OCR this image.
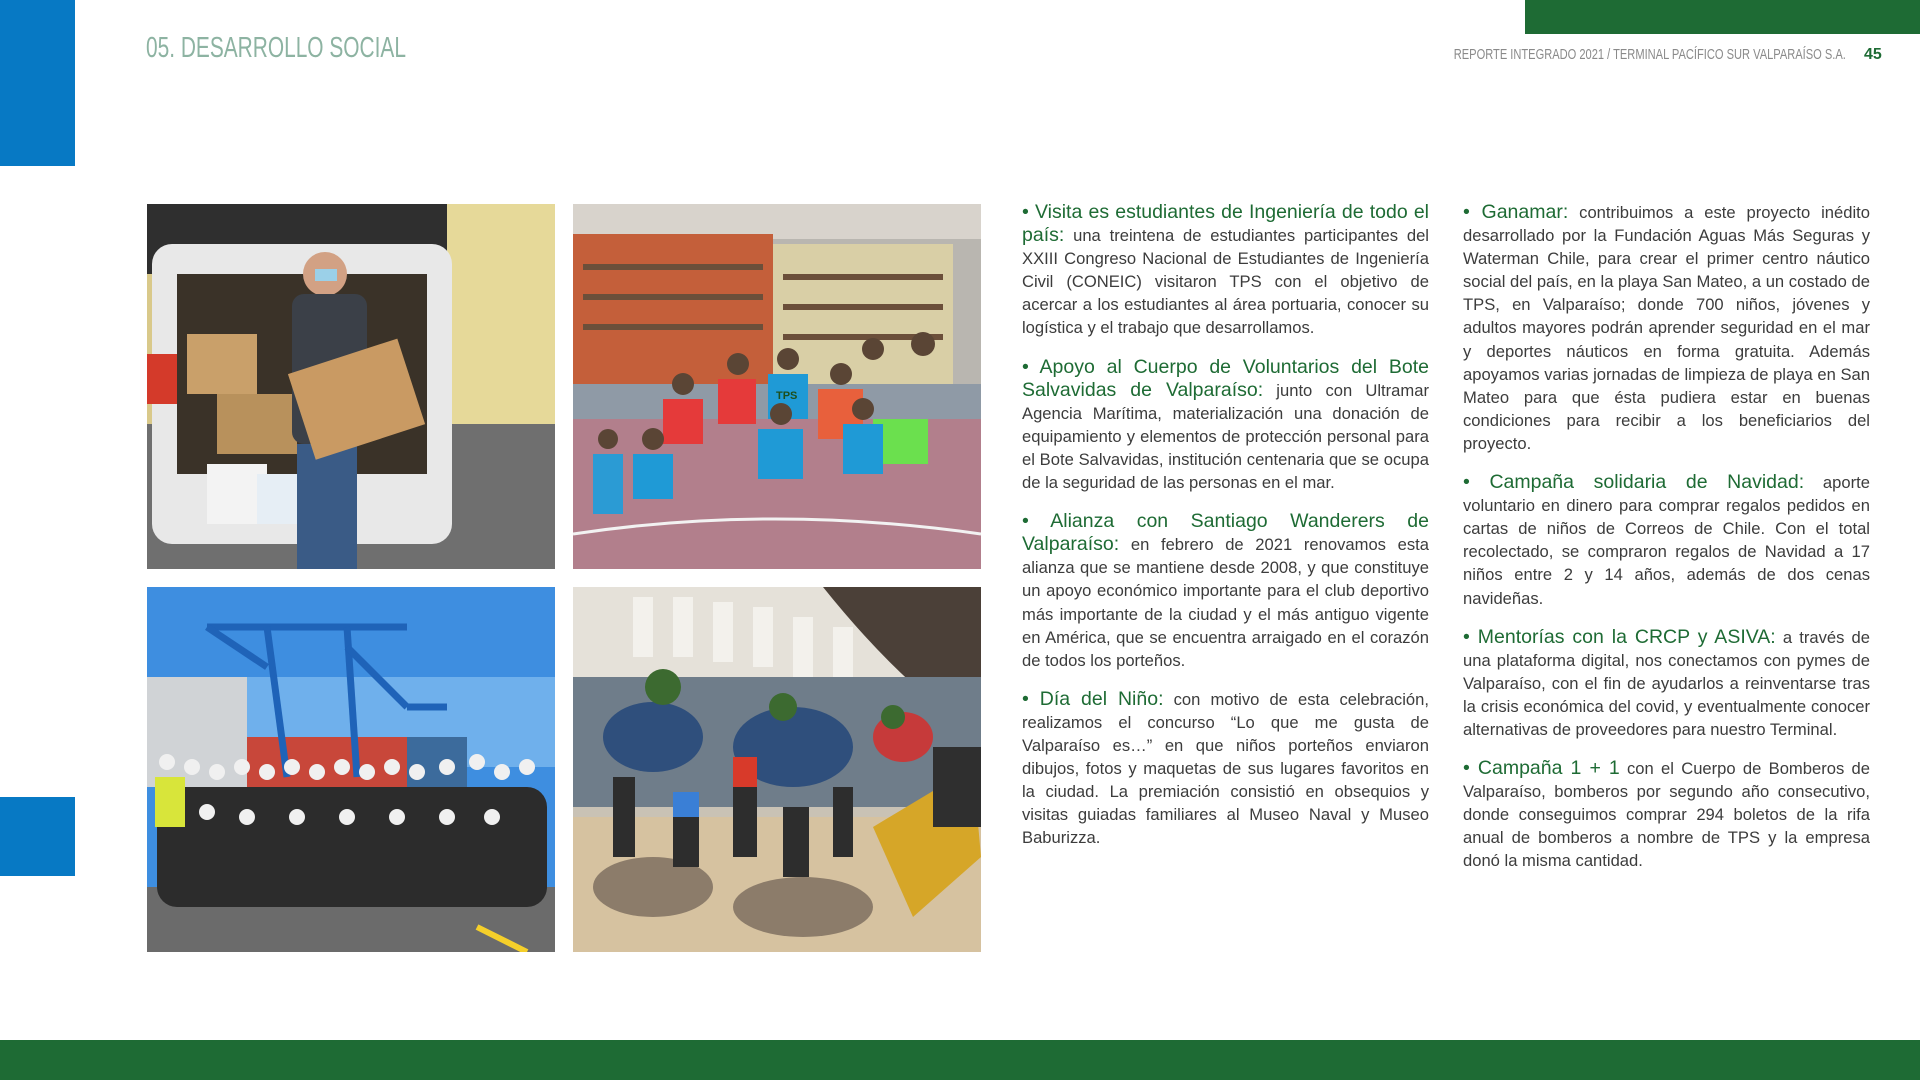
05. DESARROLLO SOCIAL	REPORTE INTEGRADO 2021 / TERMINAL PACÍFICO SUR VALPARAÍSO S.A. 45
TPS
• Visita es estudiantes de Ingeniería de todo el país: una treintena de estudiantes participantes del XXIII Congreso Nacional de Estudiantes de Ingeniería Civil (CONEIC) visitaron TPS con el objetivo de acercar a los estudiantes al área portuaria, conocer su logística y el trabajo que desarrollamos.
• Apoyo al Cuerpo de Voluntarios del Bote Salvavidas de Valparaíso: junto con Ultramar Agencia Marítima, materialización una donación de equipamiento y elementos de protección personal para el Bote Salvavidas, institución centenaria que se ocupa de la seguridad de las personas en el mar.
• Alianza con Santiago Wanderers de Valparaíso: en febrero de 2021 renovamos esta alianza que se mantiene desde 2008, y que constituye un apoyo económico importante para el club deportivo más importante de la ciudad y el más antiguo vigente en América, que se encuentra arraigado en el corazón de todos los porteños.
• Día del Niño: con motivo de esta celebración, realizamos el concurso “Lo que me gusta de Valparaíso es…” en que niños porteños enviaron dibujos, fotos y maquetas de sus lugares favoritos en la ciudad. La premiación consistió en obsequios y visitas guiadas familiares al Museo Naval y Museo Baburizza.
• Ganamar: contribuimos a este proyecto inédito desarrollado por la Fundación Aguas Más Seguras y Waterman Chile, para crear el primer centro náutico social del país, en la playa San Mateo, a un costado de TPS, en Valparaíso; donde 700 niños, jóvenes y adultos mayores podrán aprender seguridad en el mar y deportes náuticos en forma gratuita. Además apoyamos varias jornadas de limpieza de playa en San Mateo para que ésta pudiera estar en buenas condiciones para recibir a los beneficiarios del proyecto.
• Campaña solidaria de Navidad: aporte voluntario en dinero para comprar regalos pedidos en cartas de niños de Correos de Chile. Con el total recolectado, se compraron regalos de Navidad a 17 niños entre 2 y 14 años, además de dos cenas navideñas.
• Mentorías con la CRCP y ASIVA: a través de una plataforma digital, nos conectamos con pymes de Valparaíso, con el fin de ayudarlos a reinventarse tras la crisis económica del covid, y eventualmente conocer alternativas de proveedores para nuestro Terminal.
• Campaña 1 + 1 con el Cuerpo de Bomberos de Valparaíso, bomberos por segundo año consecutivo, donde conseguimos comprar 294 boletos de la rifa anual de bomberos a nombre de TPS y la empresa donó la misma cantidad.
